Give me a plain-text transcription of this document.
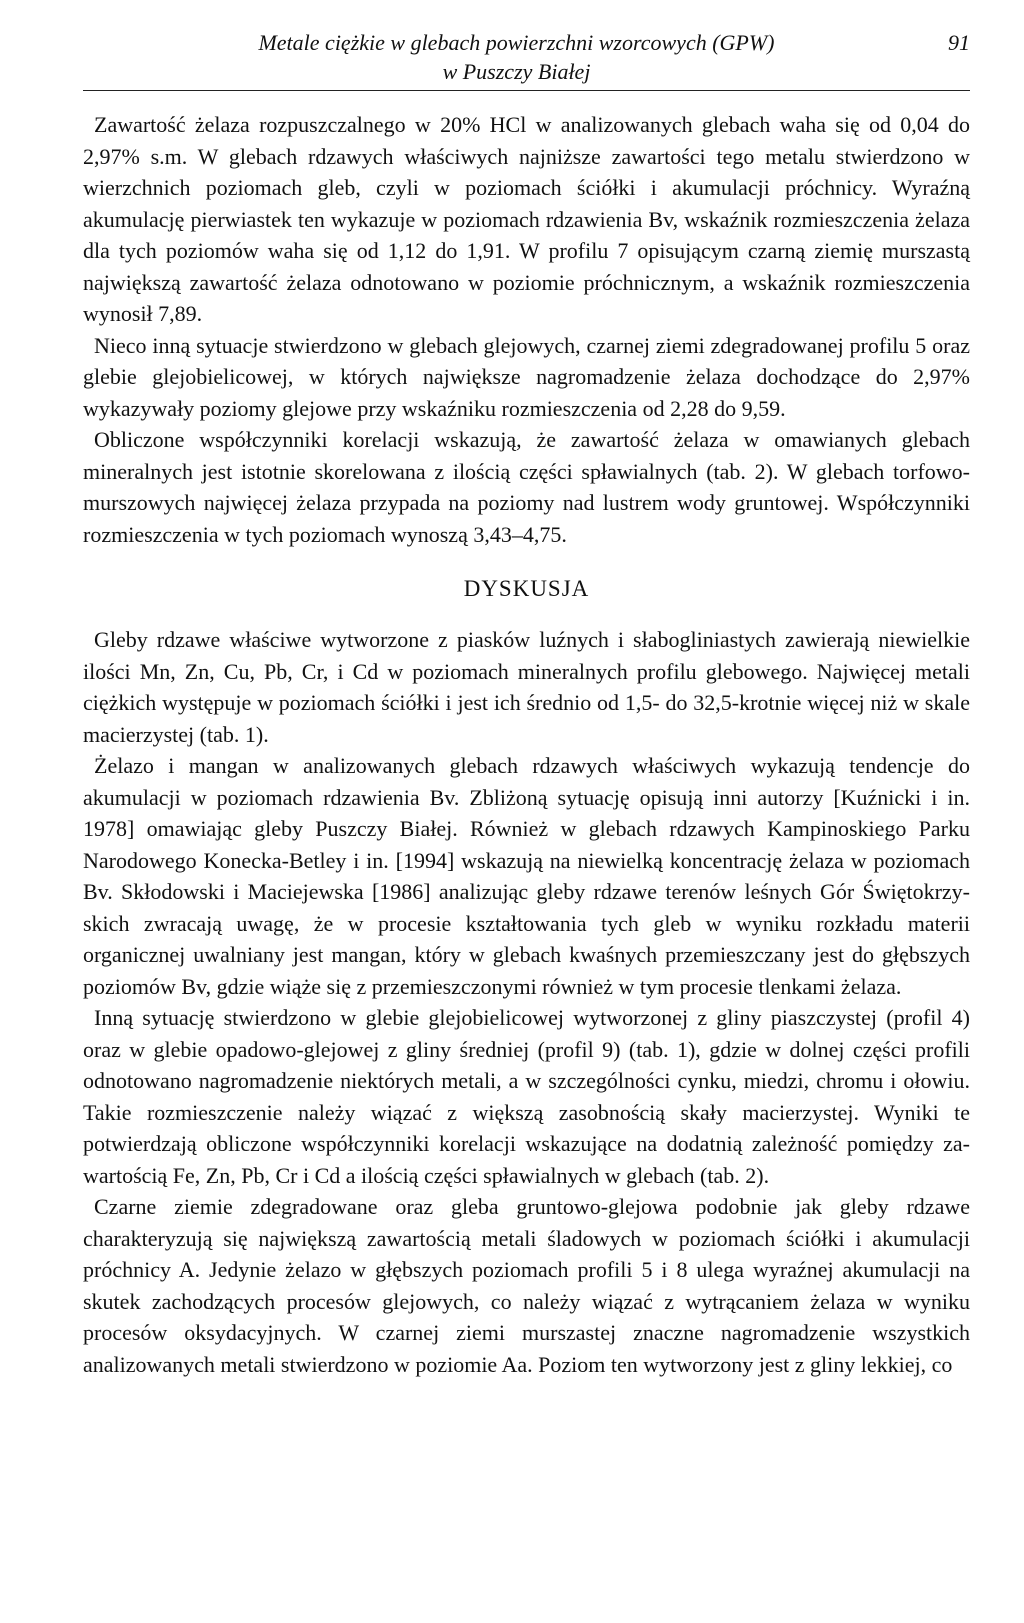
Metale ciężkie w glebach powierzchni wzorcowych (GPW)
w Puszczy Białej
91

Zawartość żelaza rozpuszczalnego w 20% HCl w analizowanych glebach waha się od 0,04 do 2,97% s.m. W glebach rdzawych właściwych najniższe zawartości tego metalu stwierdzono w wierzchnich poziomach gleb, czyli w poziomach ściółki i akumulacji próchnicy. Wyraźną akumulację pierwiastek ten wykazuje w poziomach rdzawienia Bv, wskaźnik rozmieszczenia żelaza dla tych poziomów waha się od 1,12 do 1,91. W profilu 7 opisującym czarną ziemię murszastą największą zawartość żelaza odnotowano w poziomie próchnicznym, a wskaźnik rozmieszczenia wynosił 7,89.

Nieco inną sytuacje stwierdzono w glebach glejowych, czarnej ziemi zdegradowanej profilu 5 oraz glebie glejobielicowej, w których największe nagromadzenie żelaza dochodzące do 2,97% wykazywały poziomy glejowe przy wskaźniku rozmieszczenia od 2,28 do 9,59.

Obliczone współczynniki korelacji wskazują, że zawartość żelaza w omawianych glebach mineralnych jest istotnie skorelowana z ilością części spławialnych (tab. 2). W glebach torfowo-murszowych najwięcej żelaza przypada na poziomy nad lustrem wody gruntowej. Współczynniki rozmieszczenia w tych poziomach wynoszą 3,43–4,75.

DYSKUSJA

Gleby rdzawe właściwe wytworzone z piasków luźnych i słabogliniastych zawierają niewielkie ilości Mn, Zn, Cu, Pb, Cr, i Cd w poziomach mineralnych profilu glebowego. Najwięcej metali ciężkich występuje w poziomach ściółki i jest ich średnio od 1,5- do 32,5-krotnie więcej niż w skale macierzystej (tab. 1).

Żelazo i mangan w analizowanych glebach rdzawych właściwych wykazują tendencje do akumulacji w poziomach rdzawienia Bv. Zbliżoną sytuację opisują inni autorzy [Kuźnicki i in. 1978] omawiając gleby Puszczy Białej. Również w glebach rdzawych Kampinoskiego Parku Narodowego Konecka-Betley i in. [1994] wskazują na niewielką koncentrację żelaza w poziomach Bv. Skłodowski i Maciejewska [1986] analizując gleby rdzawe terenów leśnych Gór Świętokrzyskich zwracają uwagę, że w procesie kształtowania tych gleb w wyniku rozkładu materii organicznej uwalniany jest mangan, który w glebach kwaśnych przemieszczany jest do głębszych poziomów Bv, gdzie wiąże się z przemieszczonymi również w tym procesie tlenkami żelaza.

Inną sytuację stwierdzono w glebie glejobielicowej wytworzonej z gliny piaszczystej (profil 4) oraz w glebie opadowo-glejowej z gliny średniej (profil 9) (tab. 1), gdzie w dolnej części profili odnotowano nagromadzenie niektórych metali, a w szczególności cynku, miedzi, chromu i ołowiu. Takie rozmieszczenie należy wiązać z większą zasobnością skały macierzystej. Wyniki te potwierdzają obliczone współczynniki korelacji wskazujące na dodatnią zależność pomiędzy zawartością Fe, Zn, Pb, Cr i Cd a ilością części spławialnych w glebach (tab. 2).

Czarne ziemie zdegradowane oraz gleba gruntowo-glejowa podobnie jak gleby rdzawe charakteryzują się największą zawartością metali śladowych w poziomach ściółki i akumulacji próchnicy A. Jedynie żelazo w głębszych poziomach profili 5 i 8 ulega wyraźnej akumulacji na skutek zachodzących procesów glejowych, co należy wiązać z wytrącaniem żelaza w wyniku procesów oksydacyjnych. W czarnej ziemi murszastej znaczne nagromadzenie wszystkich analizowanych metali stwierdzono w poziomie Aa. Poziom ten wytworzony jest z gliny lekkiej, co
